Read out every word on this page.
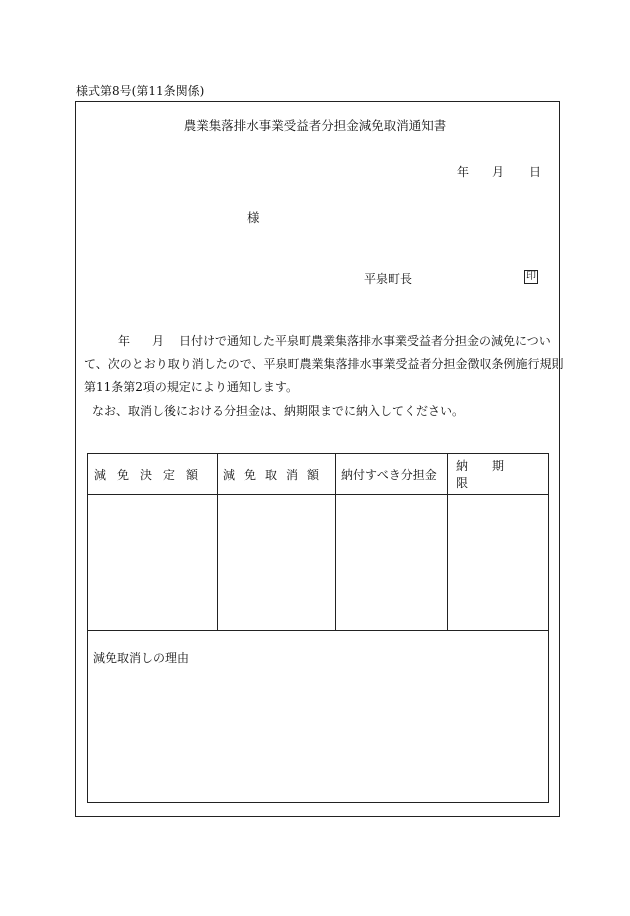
様式第8号(第11条関係)
農業集落排水事業受益者分担金減免取消通知書
年 月 日
様
平泉町長	印
年 月 日付けで通知した平泉町農業集落排水事業受益者分担金の減免につい
て、次のとおり取り消したので、平泉町農業集落排水事業受益者分担金徴収条例施行規則
第11条第2項の規定により通知します。
なお、取消し後における分担金は、納期限までに納入してください。
減免決定額 減免取消額 納付すべき分担金
納期限
減免取消しの理由
